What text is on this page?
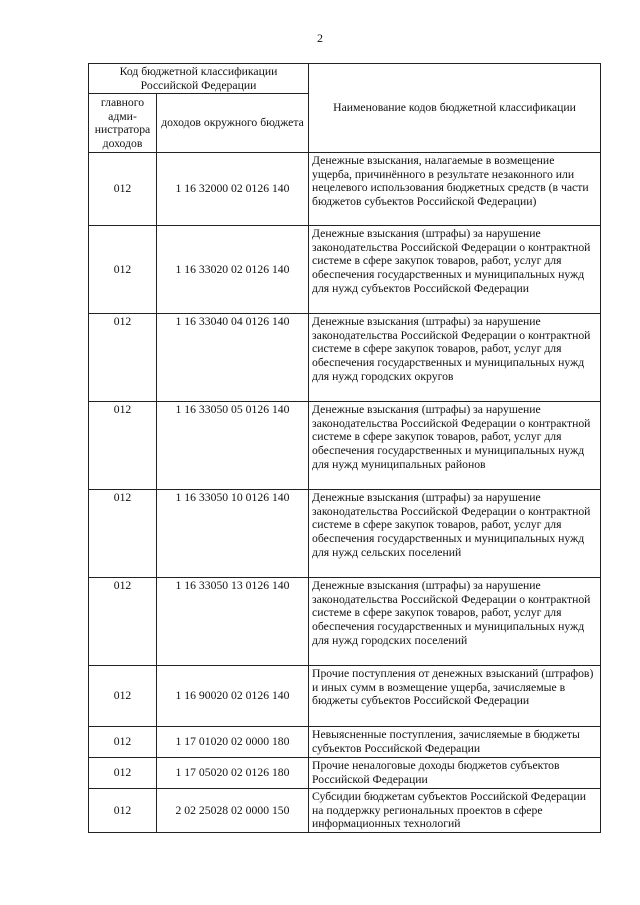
2
Код бюджетной классификации Российской Федерации		Наименование кодов бюджетной классификации
главного адми-нистратора доходов	доходов окружного бюджета	
012	1 16 32000 02 0126 140	Денежные взыскания, налагаемые в возмещение ущерба, причинённого в результате незаконного или нецелевого использования бюджетных средств (в части бюджетов субъектов Российской Федерации)
012	1 16 33020 02 0126 140	Денежные взыскания (штрафы) за нарушение законодательства Российской Федерации о контрактной системе в сфере закупок товаров, работ, услуг для обеспечения государственных и муниципальных нужд для нужд субъектов Российской Федерации
012	1 16 33040 04 0126 140	Денежные взыскания (штрафы) за нарушение законодательства Российской Федерации о контрактной системе в сфере закупок товаров, работ, услуг для обеспечения государственных и муниципальных нужд для нужд городских округов
012	1 16 33050 05 0126 140	Денежные взыскания (штрафы) за нарушение законодательства Российской Федерации о контрактной системе в сфере закупок товаров, работ, услуг для обеспечения государственных и муниципальных нужд для нужд муниципальных районов
012	1 16 33050 10 0126 140	Денежные взыскания (штрафы) за нарушение законодательства Российской Федерации о контрактной системе в сфере закупок товаров, работ, услуг для обеспечения государственных и муниципальных нужд для нужд сельских поселений
012	1 16 33050 13 0126 140	Денежные взыскания (штрафы) за нарушение законодательства Российской Федерации о контрактной системе в сфере закупок товаров, работ, услуг для обеспечения государственных и муниципальных нужд для нужд городских поселений
012	1 16 90020 02 0126 140	Прочие поступления от денежных взысканий (штрафов) и иных сумм в возмещение ущерба, зачисляемые в бюджеты субъектов Российской Федерации
012	1 17 01020 02 0000 180	Невыясненные поступления, зачисляемые в бюджеты субъектов Российской Федерации
012	1 17 05020 02 0126 180	Прочие неналоговые доходы бюджетов субъектов Российской Федерации
012	2 02 25028 02 0000 150	Субсидии бюджетам субъектов Российской Федерации на поддержку региональных проектов в сфере информационных технологий
